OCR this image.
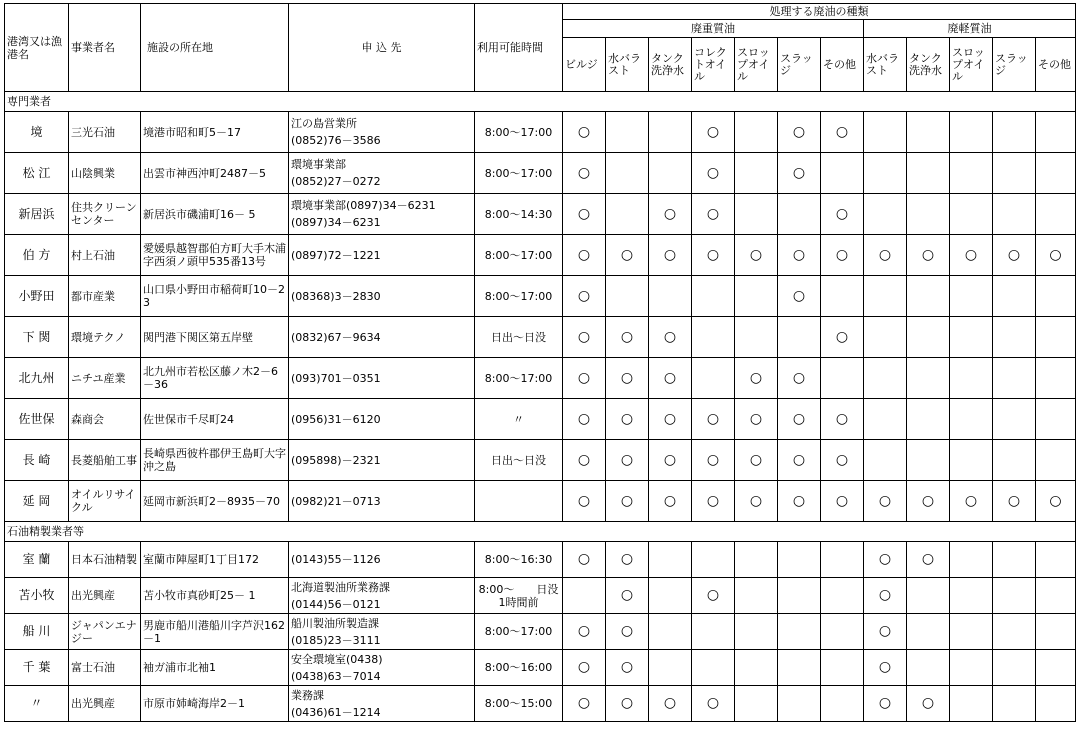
港湾又は漁港名	事業者名	施設の所在地	申 込 先	利用可能時間	処理する廃油の種類											
					廃重質油							廃軽質油				
					ビルジ	水バラスト	タンク洗浄水	コレクトオイル	スロップオイル	スラッジ	その他	水バラスト	タンク洗浄水	スロップオイル	スラッジ	その他
専門業者																
境	三光石油	境港市昭和町5－17	江の島営業所
(0852)76－3586	8:00～17:00	○			○		○	○					
松 江	山陰興業	出雲市神西沖町2487－5	環境事業部
(0852)27－0272	8:00～17:00	○			○		○						
新居浜	住共クリーンセンター	新居浜市磯浦町16－ 5	環境事業部(0897)34－6231
(0897)34－6231	8:00～14:30	○		○	○			○					
伯 方	村上石油	愛媛県越智郡伯方町大手木浦字西須ノ頭甲535番13号	(0897)72－1221	8:00～17:00	○	○	○	○	○	○	○	○	○	○	○	○
小野田	都市産業	山口県小野田市稲荷町10－23	(08368)3－2830	8:00～17:00	○					○						
下 関	環境テクノ	関門港下関区第五岸壁	(0832)67－9634	日出～日没	○	○	○				○					
北九州	ニチユ産業	北九州市若松区藤ノ木2－6－36	(093)701－0351	8:00～17:00	○	○	○		○	○						
佐世保	森商会	佐世保市千尽町24	(0956)31－6120	〃	○	○	○	○	○	○	○					
長 崎	長菱船舶工事	長崎県西彼杵郡伊王島町大字沖之島	(095898)－2321	日出～日没	○	○	○	○	○	○	○					
延 岡	オイルリサイクル	延岡市新浜町2－8935－70	(0982)21－0713		○	○	○	○	○	○	○	○	○	○	○	○
石油精製業者等																
室 蘭	日本石油精製	室蘭市陣屋町1丁目172	(0143)55－1126	8:00～16:30	○	○						○	○			
苫小牧	出光興産	苫小牧市真砂町25－ 1	北海道製油所業務課
(0144)56－0121	8:00～　　日没1時間前		○		○				○				
船 川	ジャパンエナジー	男鹿市船川港船川字芦沢162－1	船川製油所製造課
(0185)23－3111	8:00～17:00	○	○						○				
千 葉	富士石油	袖ガ浦市北袖1	安全環境室(0438)
(0438)63－7014	8:00～16:00	○	○						○				
〃	出光興産	市原市姉崎海岸2－1	業務課
(0436)61－1214	8:00～15:00	○	○	○	○				○	○			
